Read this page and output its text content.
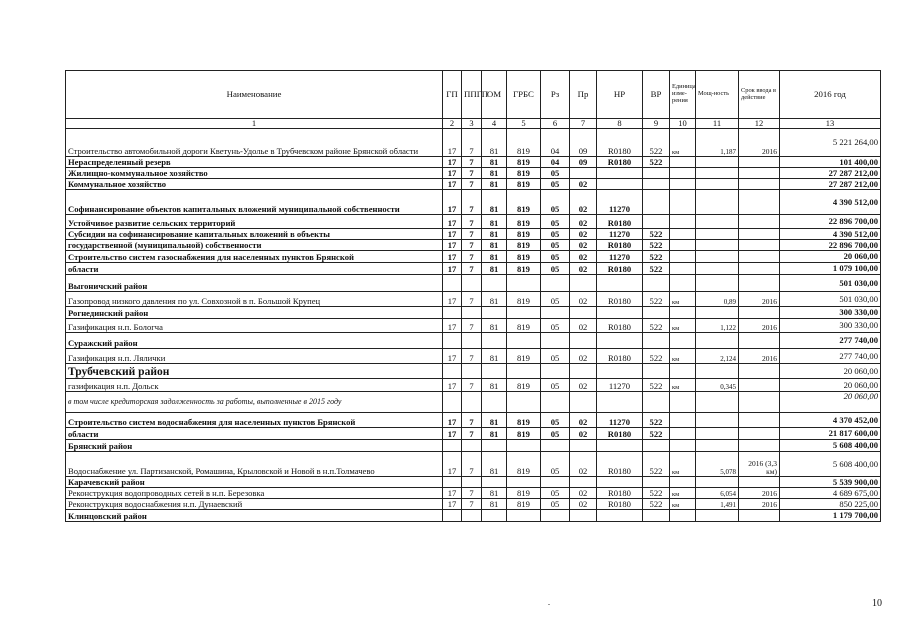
Наименование	ГП	ППГП	ОМ	ГРБС	Рз	Пр	НР	ВР	Единица изме-рения	Мощ-ность	Срок ввода в действие	2016 год
1	2	3	4	5	6	7	8	9	10	11	12	13
Строительство автомобильной дороги Кветунь-Удолье в Трубчевском районе Брянской области	17	7	81	819	04	09	R0180	522	км	1,187	2016	5 221 264,00
Нераспределенный резерв	17	7	81	819	04	09	R0180	522				101 400,00
Жилищно-коммунальное хозяйство	17	7	81	819	05							27 287 212,00
Коммунальное хозяйство	17	7	81	819	05	02						27 287 212,00
Софинансирование объектов капитальных вложений муниципальной собственности	17	7	81	819	05	02	11270					4 390 512,00
Устойчивое развитие сельских территорий	17	7	81	819	05	02	R0180					22 896 700,00
Субсидии на софинансирование капитальных вложений в объекты	17	7	81	819	05	02	11270	522				4 390 512,00
государственной (муниципальной) собственности	17	7	81	819	05	02	R0180	522				22 896 700,00
Строительство систем газоснабжения для населенных пунктов Брянской	17	7	81	819	05	02	11270	522				20 060,00
области	17	7	81	819	05	02	R0180	522				1 079 100,00
Выгоничский район												501 030,00
Газопровод низкого давления по ул. Совхозной в п. Большой Крупец	17	7	81	819	05	02	R0180	522	км	0,89	2016	501 030,00
Рогнединский район												300 330,00
Газификация н.п. Бологча	17	7	81	819	05	02	R0180	522	км	1,122	2016	300 330,00
Суражский район												277 740,00
Газификация н.п. Лялички	17	7	81	819	05	02	R0180	522	км	2,124	2016	277 740,00
Трубчевский район												20 060,00
газификация н.п. Дольск	17	7	81	819	05	02	11270	522	км	0,345		20 060,00
в том числе кредиторская задолженность за работы, выполненные в 2015 году												20 060,00
Строительство систем водоснабжения для населенных пунктов Брянской	17	7	81	819	05	02	11270	522				4 370 452,00
области	17	7	81	819	05	02	R0180	522				21 817 600,00
Брянский район												5 608 400,00
Водоснабжение ул. Партизанской, Ромашина, Крыловской и Новой в н.п.Толмачево	17	7	81	819	05	02	R0180	522	км	5,078	2016 (3,3 км)	5 608 400,00
Карачевский район												5 539 900,00
Реконструкция водопроводных сетей в н.п. Березовка	17	7	81	819	05	02	R0180	522	км	6,054	2016	4 689 675,00
Реконструкция водоснабжения н.п. Дунаевский	17	7	81	819	05	02	R0180	522	км	1,491	2016	850 225,00
Клинцовский район												1 179 700,00
10
